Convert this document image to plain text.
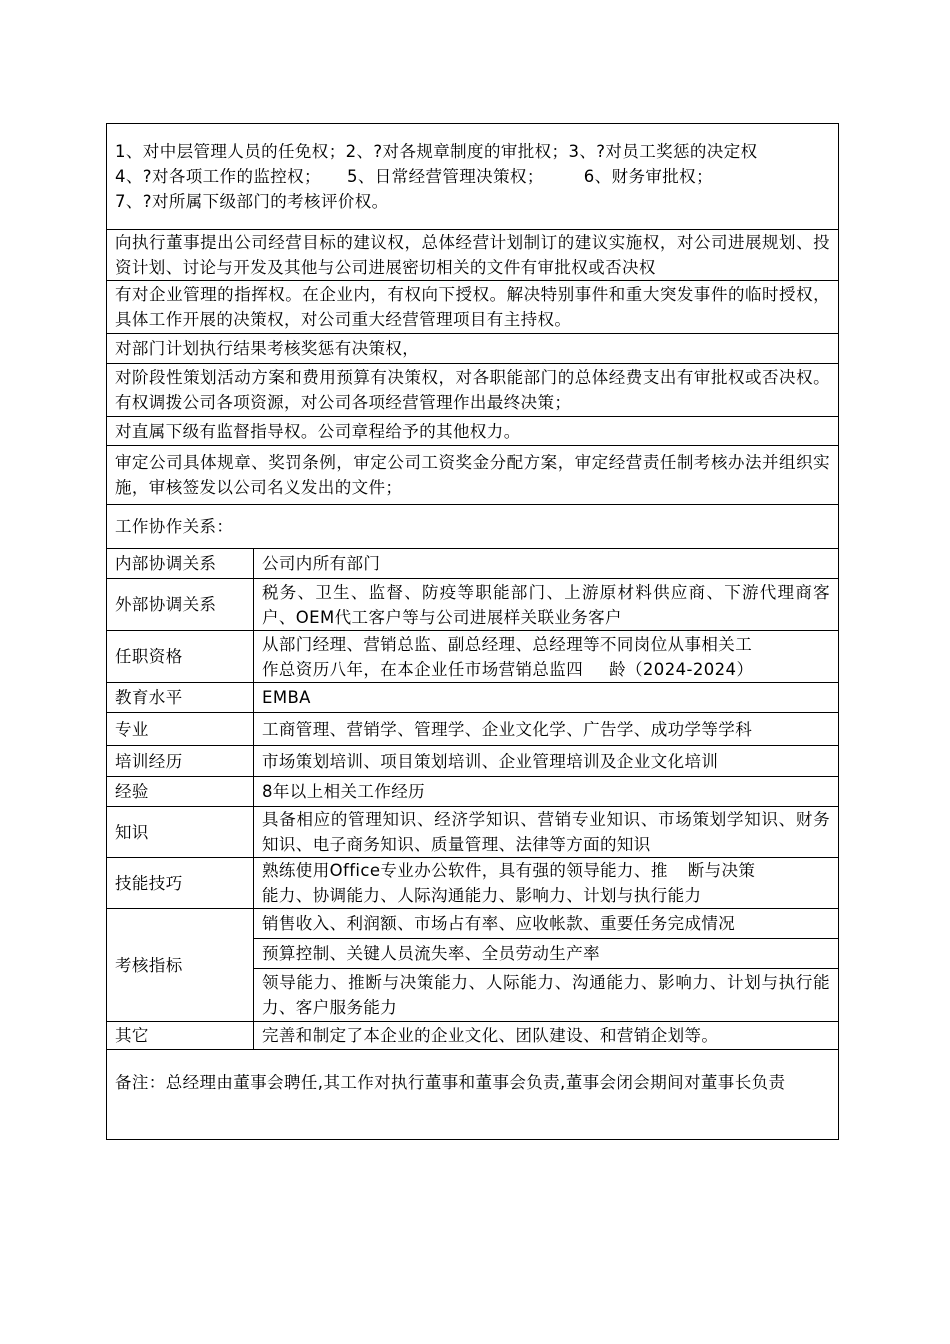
1、对中层管理人员的任免权；2、?对各规章制度的审批权；3、?对员工奖惩的决定权
4、?对各项工作的监控权； 5、日常经营管理决策权； 6、财务审批权；
7、?对所属下级部门的考核评价权。	

向执行董事提出公司经营目标的建议权，总体经营计划制订的建议实施权，对公司进展规划、投资计划、讨论与开发及其他与公司进展密切相关的文件有审批权或否决权	
有对企业管理的指挥权。在企业内，有权向下授权。解决特别事件和重大突发事件的临时授权，具体工作开展的决策权，对公司重大经营管理项目有主持权。	
对部门计划执行结果考核奖惩有决策权，	
对阶段性策划活动方案和费用预算有决策权，对各职能部门的总体经费支出有审批权或否决权。有权调拨公司各项资源，对公司各项经营管理作出最终决策；	
对直属下级有监督指导权。公司章程给予的其他权力。	
审定公司具体规章、奖罚条例，审定公司工资奖金分配方案，审定经营责任制考核办法并组织实施，审核签发以公司名义发出的文件；	
工作协作关系：	
内部协调关系	公司内所有部门
外部协调关系	税务、卫生、监督、防疫等职能部门、上游原材料供应商、下游代理商客户、OEM代工客户等与公司进展样关联业务客户
任职资格	从部门经理、营销总监、副总经理、总经理等不同岗位从事相关工
作总资历八年，在本企业任市场营销总监四 龄（2024-2024）

教育水平	EMBA
专业	工商管理、营销学、管理学、企业文化学、广告学、成功学等学科
培训经历	市场策划培训、项目策划培训、企业管理培训及企业文化培训
经验	8年以上相关工作经历
知识	具备相应的管理知识、经济学知识、营销专业知识、市场策划学知识、财务知识、电子商务知识、质量管理、法律等方面的知识
技能技巧	熟练使用Office专业办公软件，具有强的领导能力、推 断与决策
能力、协调能力、人际沟通能力、影响力、计划与执行能力

考核指标	销售收入、利润额、市场占有率、应收帐款、重要任务完成情况
	预算控制、关键人员流失率、全员劳动生产率
	领导能力、推断与决策能力、人际能力、沟通能力、影响力、计划与执行能力、客户服务能力
其它	完善和制定了本企业的企业文化、团队建设、和营销企划等。
备注：总经理由董事会聘任,其工作对执行董事和董事会负责,董事会闭会期间对董事长负责	
